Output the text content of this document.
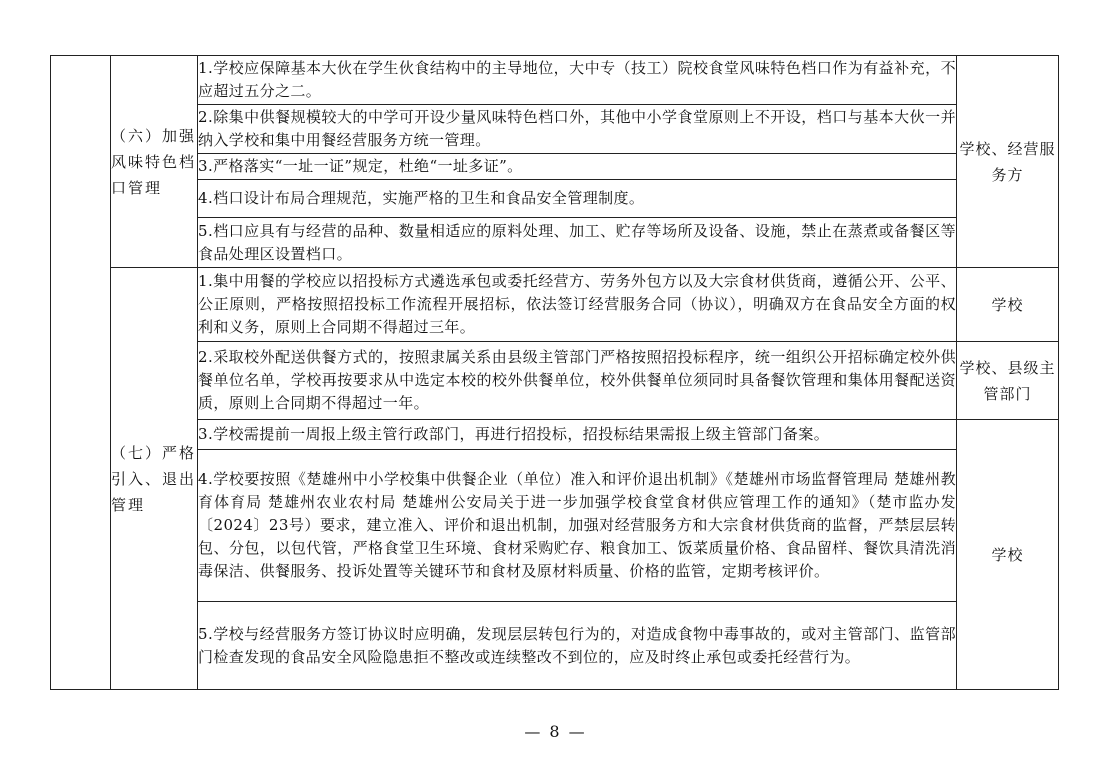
	（六）加强风味特色档口管理	1.学校应保障基本大伙在学生伙食结构中的主导地位，大中专（技工）院校食堂风味特色档口作为有益补充，不应超过五分之二。	学校、经营服务方
		2.除集中供餐规模较大的中学可开设少量风味特色档口外，其他中小学食堂原则上不开设，档口与基本大伙一并纳入学校和集中用餐经营服务方统一管理。	
		3.严格落实“一址一证”规定，杜绝“一址多证”。	
		4.档口设计布局合理规范，实施严格的卫生和食品安全管理制度。	
		5.档口应具有与经营的品种、数量相适应的原料处理、加工、贮存等场所及设备、设施，禁止在蒸煮或备餐区等食品处理区设置档口。	
	（七）严格引入、退出管理	1.集中用餐的学校应以招投标方式遴选承包或委托经营方、劳务外包方以及大宗食材供货商，遵循公开、公平、公正原则，严格按照招投标工作流程开展招标，依法签订经营服务合同（协议），明确双方在食品安全方面的权利和义务，原则上合同期不得超过三年。	学校
		2.采取校外配送供餐方式的，按照隶属关系由县级主管部门严格按照招投标程序，统一组织公开招标确定校外供餐单位名单，学校再按要求从中选定本校的校外供餐单位，校外供餐单位须同时具备餐饮管理和集体用餐配送资质，原则上合同期不得超过一年。	学校、县级主管部门
		3.学校需提前一周报上级主管行政部门，再进行招投标，招投标结果需报上级主管部门备案。	学校
		4.学校要按照《楚雄州中小学校集中供餐企业（单位）准入和评价退出机制》《楚雄州市场监督管理局 楚雄州教育体育局 楚雄州农业农村局 楚雄州公安局关于进一步加强学校食堂食材供应管理工作的通知》（楚市监办发〔2024〕23号）要求，建立准入、评价和退出机制，加强对经营服务方和大宗食材供货商的监督，严禁层层转包、分包，以包代管，严格食堂卫生环境、食材采购贮存、粮食加工、饭菜质量价格、食品留样、餐饮具清洗消毒保洁、供餐服务、投诉处置等关键环节和食材及原材料质量、价格的监管，定期考核评价。	
		5.学校与经营服务方签订协议时应明确，发现层层转包行为的，对造成食物中毒事故的，或对主管部门、监管部门检查发现的食品安全风险隐患拒不整改或连续整改不到位的，应及时终止承包或委托经营行为。	
— 8 —
